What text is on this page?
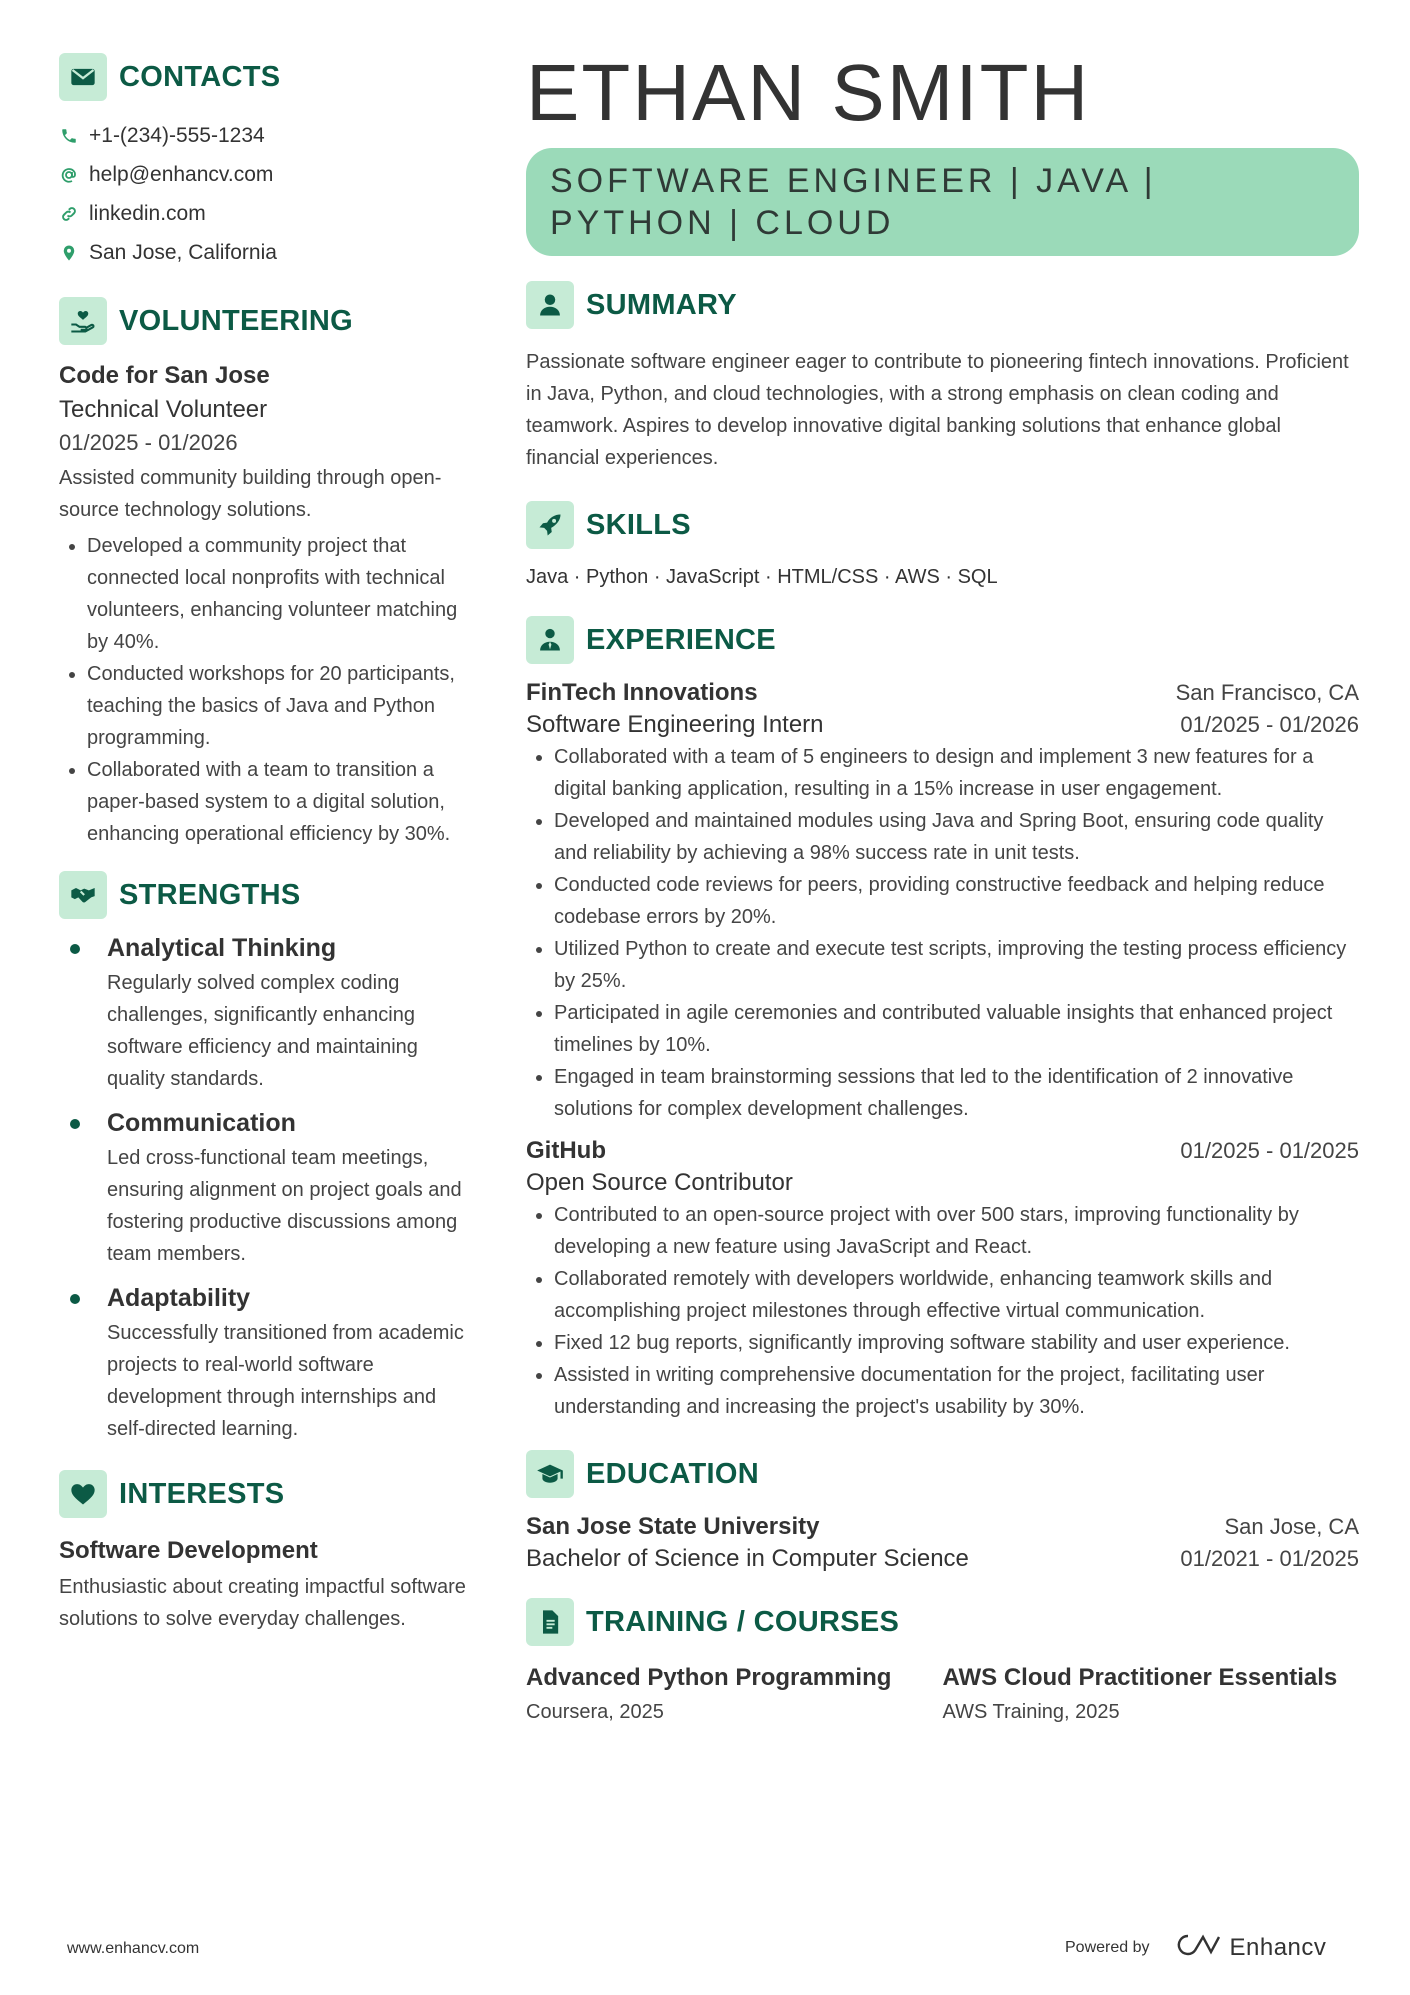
CONTACTS
+1-(234)-555-1234
help@enhancv.com
linkedin.com
San Jose, California
VOLUNTEERING
Code for San Jose
Technical Volunteer
01/2025 - 01/2026
Assisted community building through open-source technology solutions.
• Developed a community project that connected local nonprofits with technical volunteers, enhancing volunteer matching by 40%.
• Conducted workshops for 20 participants, teaching the basics of Java and Python programming.
• Collaborated with a team to transition a paper-based system to a digital solution, enhancing operational efficiency by 30%.
STRENGTHS
Analytical Thinking
Regularly solved complex coding challenges, significantly enhancing software efficiency and maintaining quality standards.
Communication
Led cross-functional team meetings, ensuring alignment on project goals and fostering productive discussions among team members.
Adaptability
Successfully transitioned from academic projects to real-world software development through internships and self-directed learning.
INTERESTS
Software Development
Enthusiastic about creating impactful software solutions to solve everyday challenges.
ETHAN SMITH
SOFTWARE ENGINEER | JAVA | PYTHON | CLOUD
SUMMARY
Passionate software engineer eager to contribute to pioneering fintech innovations. Proficient in Java, Python, and cloud technologies, with a strong emphasis on clean coding and teamwork. Aspires to develop innovative digital banking solutions that enhance global financial experiences.
SKILLS
Java · Python · JavaScript · HTML/CSS · AWS · SQL
EXPERIENCE
FinTech Innovations	San Francisco, CA
Software Engineering Intern	01/2025 - 01/2026
• Collaborated with a team of 5 engineers to design and implement 3 new features for a digital banking application, resulting in a 15% increase in user engagement.
• Developed and maintained modules using Java and Spring Boot, ensuring code quality and reliability by achieving a 98% success rate in unit tests.
• Conducted code reviews for peers, providing constructive feedback and helping reduce codebase errors by 20%.
• Utilized Python to create and execute test scripts, improving the testing process efficiency by 25%.
• Participated in agile ceremonies and contributed valuable insights that enhanced project timelines by 10%.
• Engaged in team brainstorming sessions that led to the identification of 2 innovative solutions for complex development challenges.
GitHub	01/2025 - 01/2025
Open Source Contributor
• Contributed to an open-source project with over 500 stars, improving functionality by developing a new feature using JavaScript and React.
• Collaborated remotely with developers worldwide, enhancing teamwork skills and accomplishing project milestones through effective virtual communication.
• Fixed 12 bug reports, significantly improving software stability and user experience.
• Assisted in writing comprehensive documentation for the project, facilitating user understanding and increasing the project's usability by 30%.
EDUCATION
San Jose State University	San Jose, CA
Bachelor of Science in Computer Science	01/2021 - 01/2025
TRAINING / COURSES
Advanced Python Programming
Coursera, 2025
AWS Cloud Practitioner Essentials
AWS Training, 2025
www.enhancv.com	Powered by	Enhancv
